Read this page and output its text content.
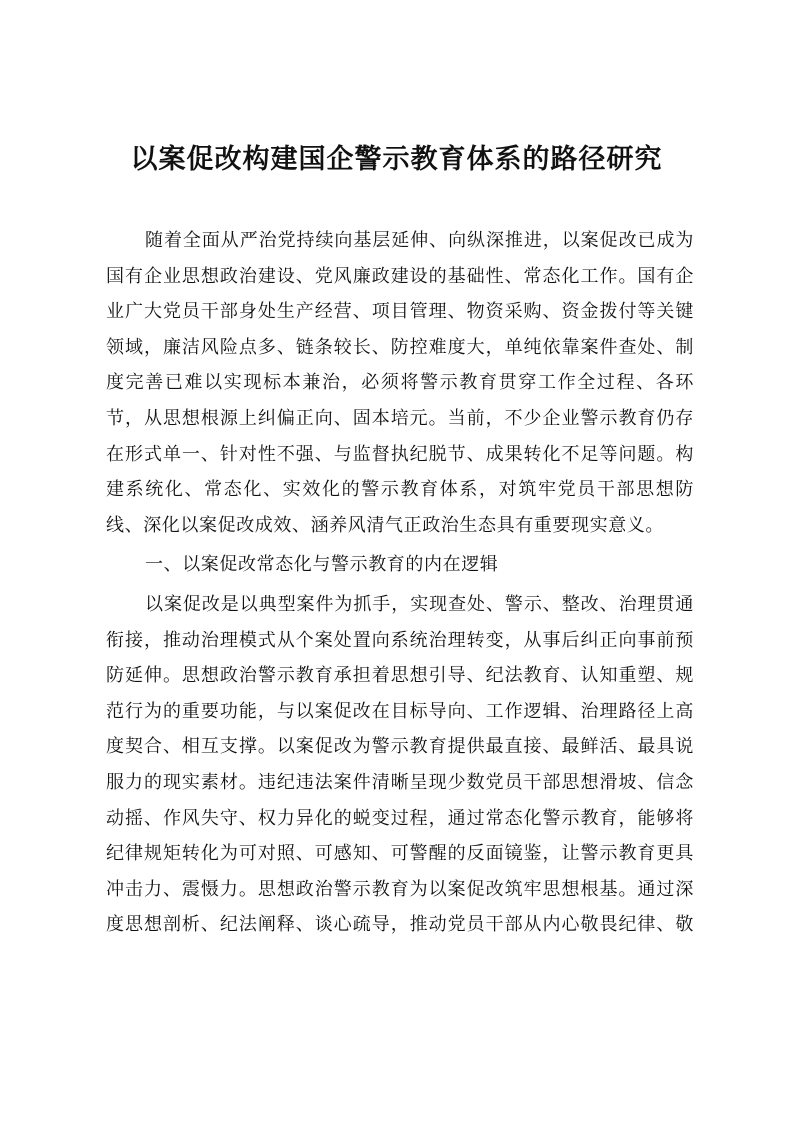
以案促改构建国企警示教育体系的路径研究
随着全面从严治党持续向基层延伸、向纵深推进，以案促改已成为
国有企业思想政治建设、党风廉政建设的基础性、常态化工作。国有企
业广大党员干部身处生产经营、项目管理、物资采购、资金拨付等关键
领域，廉洁风险点多、链条较长、防控难度大，单纯依靠案件查处、制
度完善已难以实现标本兼治，必须将警示教育贯穿工作全过程、各环
节，从思想根源上纠偏正向、固本培元。当前，不少企业警示教育仍存
在形式单一、针对性不强、与监督执纪脱节、成果转化不足等问题。构
建系统化、常态化、实效化的警示教育体系，对筑牢党员干部思想防
线、深化以案促改成效、涵养风清气正政治生态具有重要现实意义。
一、以案促改常态化与警示教育的内在逻辑
以案促改是以典型案件为抓手，实现查处、警示、整改、治理贯通
衔接，推动治理模式从个案处置向系统治理转变，从事后纠正向事前预
防延伸。思想政治警示教育承担着思想引导、纪法教育、认知重塑、规
范行为的重要功能，与以案促改在目标导向、工作逻辑、治理路径上高
度契合、相互支撑。以案促改为警示教育提供最直接、最鲜活、最具说
服力的现实素材。违纪违法案件清晰呈现少数党员干部思想滑坡、信念
动摇、作风失守、权力异化的蜕变过程，通过常态化警示教育，能够将
纪律规矩转化为可对照、可感知、可警醒的反面镜鉴，让警示教育更具
冲击力、震慑力。思想政治警示教育为以案促改筑牢思想根基。通过深
度思想剖析、纪法阐释、谈心疏导，推动党员干部从内心敬畏纪律、敬
